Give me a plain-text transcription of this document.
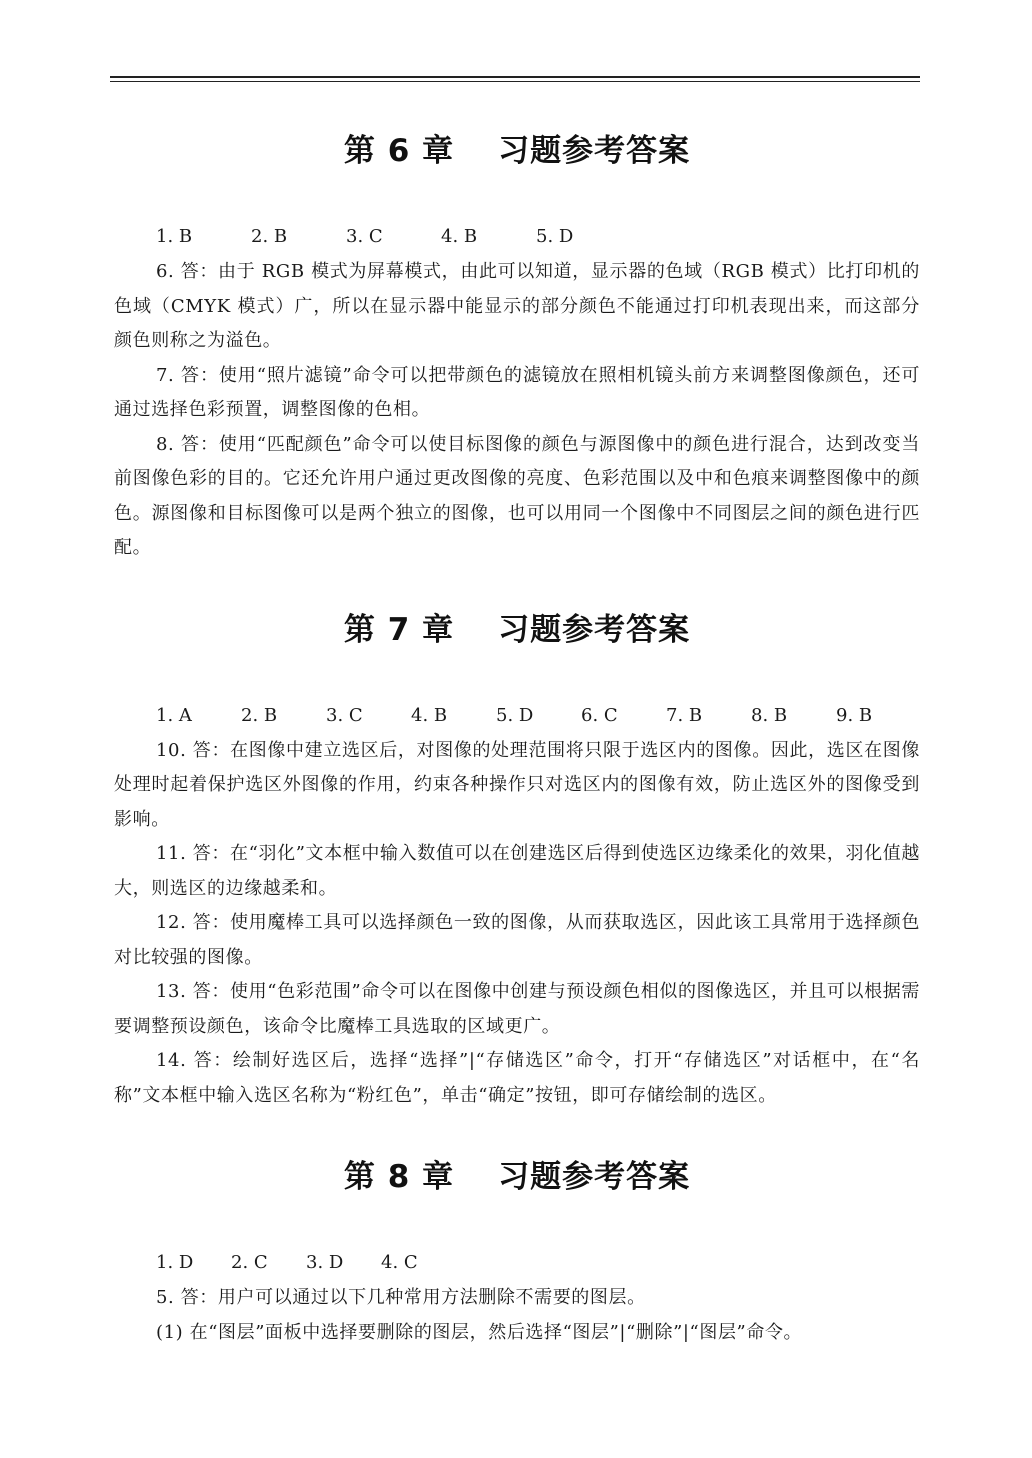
第 6 章 习题参考答案
1. B	2. B	3. C	4. B	5. D

6. 答：由于 RGB 模式为屏幕模式，由此可以知道，显示器的色域（RGB 模式）比打印机的色域（CMYK 模式）广，所以在显示器中能显示的部分颜色不能通过打印机表现出来，而这部分颜色则称之为溢色。

7. 答：使用“照片滤镜”命令可以把带颜色的滤镜放在照相机镜头前方来调整图像颜色，还可通过选择色彩预置，调整图像的色相。

8. 答：使用“匹配颜色”命令可以使目标图像的颜色与源图像中的颜色进行混合，达到改变当前图像色彩的目的。它还允许用户通过更改图像的亮度、色彩范围以及中和色痕来调整图像中的颜色。源图像和目标图像可以是两个独立的图像，也可以用同一个图像中不同图层之间的颜色进行匹配。

第 7 章 习题参考答案
1. A	2. B	3. C	4. B	5. D	6. C	7. B	8. B	9. B

10. 答：在图像中建立选区后，对图像的处理范围将只限于选区内的图像。因此，选区在图像处理时起着保护选区外图像的作用，约束各种操作只对选区内的图像有效，防止选区外的图像受到影响。

11. 答：在“羽化”文本框中输入数值可以在创建选区后得到使选区边缘柔化的效果，羽化值越大，则选区的边缘越柔和。

12. 答：使用魔棒工具可以选择颜色一致的图像，从而获取选区，因此该工具常用于选择颜色对比较强的图像。

13. 答：使用“色彩范围”命令可以在图像中创建与预设颜色相似的图像选区，并且可以根据需要调整预设颜色，该命令比魔棒工具选取的区域更广。

14. 答：绘制好选区后，选择“选择”|“存储选区”命令，打开“存储选区”对话框中，在“名称”文本框中输入选区名称为“粉红色”，单击“确定”按钮，即可存储绘制的选区。

第 8 章 习题参考答案
1. D 2. C 3. D 4. C

5. 答：用户可以通过以下几种常用方法删除不需要的图层。

(1) 在“图层”面板中选择要删除的图层，然后选择“图层”|“删除”|“图层”命令。
